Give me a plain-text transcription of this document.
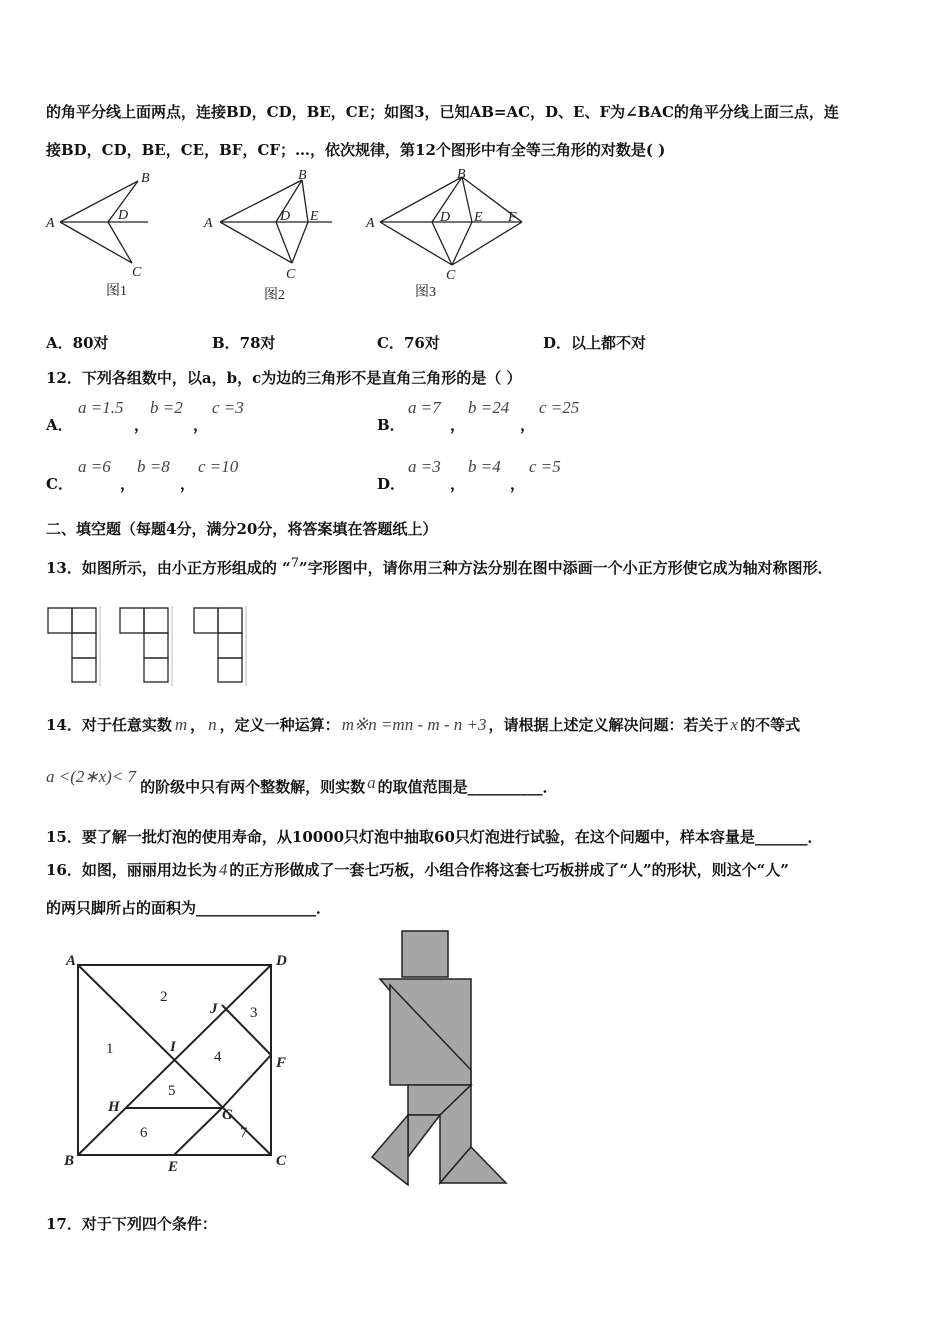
的角平分线上面两点，连接BD，CD，BE，CE；如图3，已知AB=AC，D、E、F为∠BAC的角平分线上面三点，连
接BD，CD，BE，CE，BF，CF；…，依次规律，第12个图形中有全等三角形的对数是( )
A
B
D
C
A
B
D E
C
A
B
D E F
C
图1	图2	图3
A．80对	B．78对	C．76对	D．以上都不对
12．下列各组数中，以a，b，c为边的三角形不是直角三角形的是（ ）
A．
a =1.5
，
b =2
，
c =3
B．
a =7
，
b =24
，
c =25
C．
a =6
，
b =8
，
c =10
D．
a =3
，
b =4
，
c =5
二、填空题（每题4分，满分20分，将答案填在答题纸上）
13．如图所示，由小正方形组成的 “7”字形图中，请你用三种方法分别在图中添画一个小正方形使它成为轴对称图形．
14．对于任意实数 m ， n ，定义一种运算： m※n =mn - m - n +3 ，请根据上述定义解决问题：若关于 x 的不等式
a <(2∗x)< 7的阶级中只有两个整数解，则实数 a 的取值范围是__________．
15．要了解一批灯泡的使用寿命，从10000只灯泡中抽取60只灯泡进行试验，在这个问题中，样本容量是_______．
16．如图，丽丽用边长为 4 的正方形做成了一套七巧板，小组合作将这套七巧板拼成了“人”的形状，则这个“人”
的两只脚所占的面积为________________．
A	D
J
I
F
H	G
B	C
E
1
2
3
4
5
6	7
17．对于下列四个条件：
